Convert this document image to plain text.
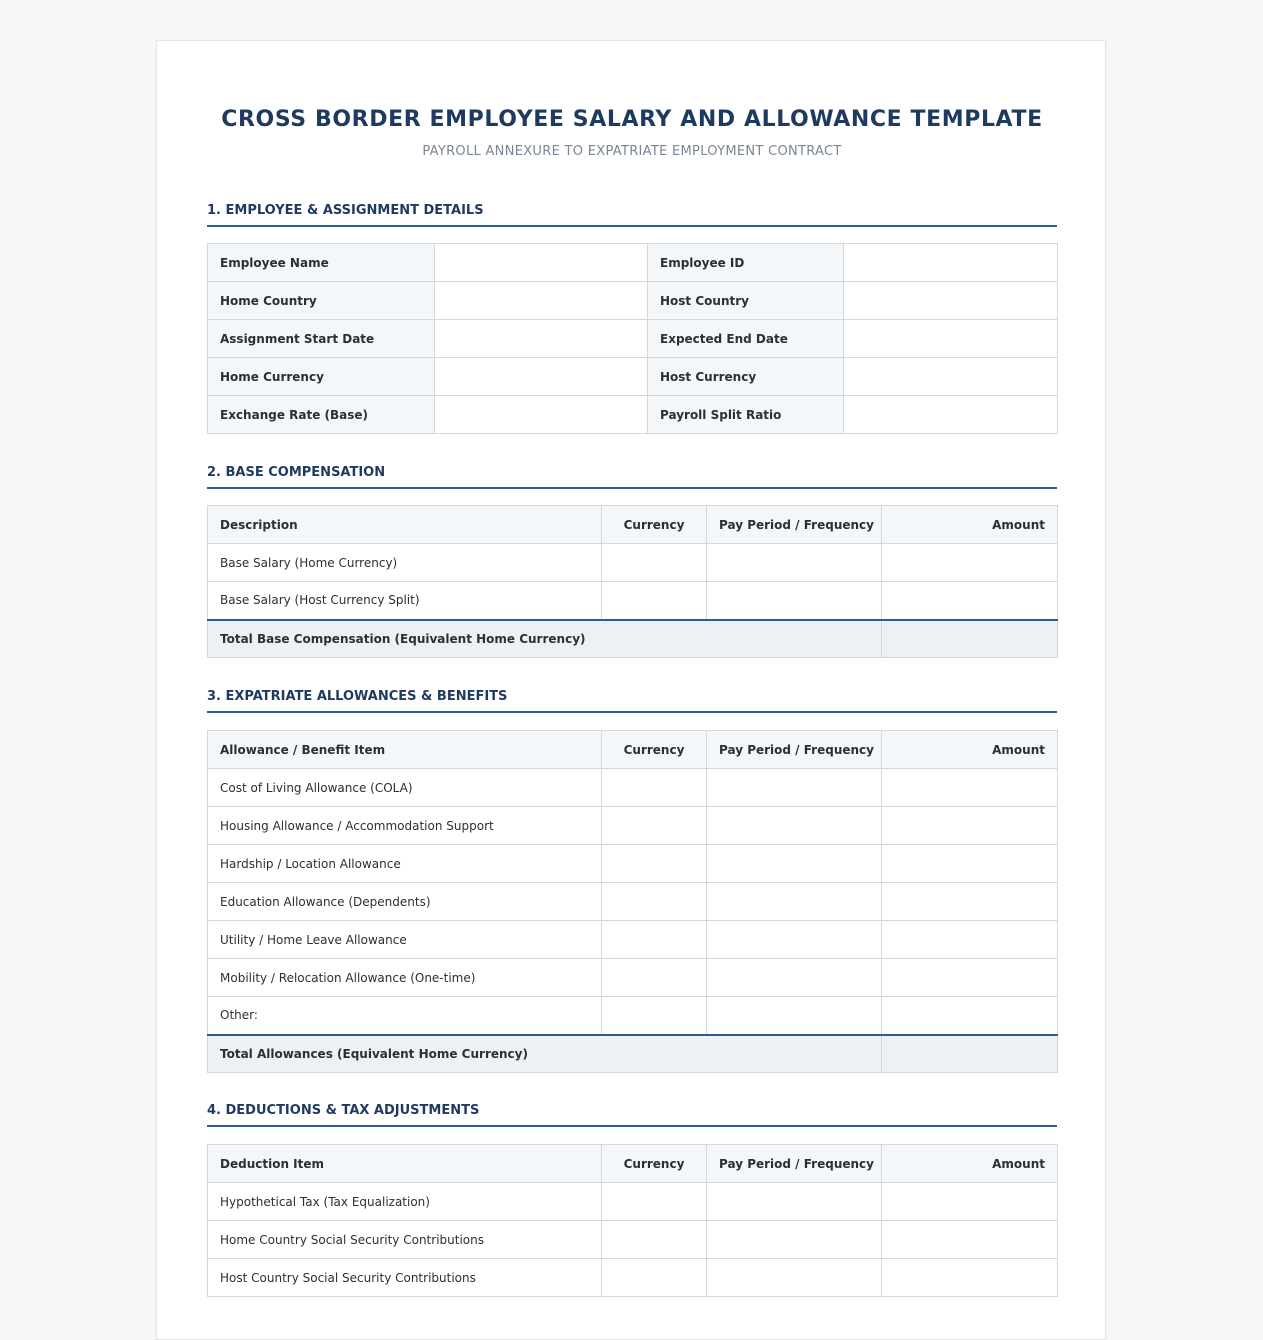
CROSS BORDER EMPLOYEE SALARY AND ALLOWANCE TEMPLATE
PAYROLL ANNEXURE TO EXPATRIATE EMPLOYMENT CONTRACT
1. EMPLOYEE & ASSIGNMENT DETAILS
Employee Name		Employee ID	
Home Country		Host Country	
Assignment Start Date		Expected End Date	
Home Currency		Host Currency	
Exchange Rate (Base)		Payroll Split Ratio	
2. BASE COMPENSATION
Description	Currency	Pay Period / Frequency	Amount
Base Salary (Home Currency)			
Base Salary (Host Currency Split)			
Total Base Compensation (Equivalent Home Currency)			
3. EXPATRIATE ALLOWANCES & BENEFITS
Allowance / Benefit Item	Currency	Pay Period / Frequency	Amount
Cost of Living Allowance (COLA)			
Housing Allowance / Accommodation Support			
Hardship / Location Allowance			
Education Allowance (Dependents)			
Utility / Home Leave Allowance			
Mobility / Relocation Allowance (One-time)			
Other:			
Total Allowances (Equivalent Home Currency)			
4. DEDUCTIONS & TAX ADJUSTMENTS
Deduction Item	Currency	Pay Period / Frequency	Amount
Hypothetical Tax (Tax Equalization)			
Home Country Social Security Contributions			
Host Country Social Security Contributions			
